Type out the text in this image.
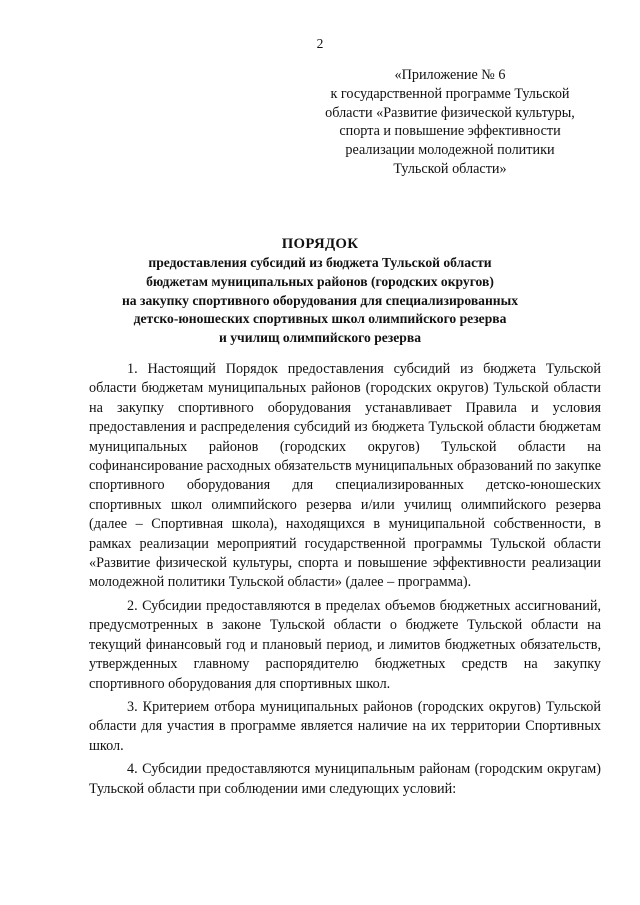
2
«Приложение № 6
к государственной программе Тульской
области «Развитие физической культуры,
спорта и повышение эффективности
реализации молодежной политики
Тульской области»
ПОРЯДОК
предоставления субсидий из бюджета Тульской области
бюджетам муниципальных районов (городских округов)
на закупку спортивного оборудования для специализированных
детско-юношеских спортивных школ олимпийского резерва
и училищ олимпийского резерва

1. Настоящий Порядок предоставления субсидий из бюджета Тульской области бюджетам муниципальных районов (городских округов) Тульской области на закупку спортивного оборудования устанавливает Правила и условия предоставления и распределения субсидий из бюджета Тульской области бюджетам муниципальных районов (городских округов) Тульской области на софинансирование расходных обязательств муниципальных образований по закупке спортивного оборудования для специализированных детско-юношеских спортивных школ олимпийского резерва и/или училищ олимпийского резерва (далее – Спортивная школа), находящихся в муниципальной собственности, в рамках реализации мероприятий государственной программы Тульской области «Развитие физической культуры, спорта и повышение эффективности реализации молодежной политики Тульской области» (далее – программа).

2. Субсидии предоставляются в пределах объемов бюджетных ассигнований, предусмотренных в законе Тульской области о бюджете Тульской области на текущий финансовый год и плановый период, и лимитов бюджетных обязательств, утвержденных главному распорядителю бюджетных средств на закупку спортивного оборудования для спортивных школ.

3. Критерием отбора муниципальных районов (городских округов) Тульской области для участия в программе является наличие на их территории Спортивных школ.

4. Субсидии предоставляются муниципальным районам (городским округам) Тульской области при соблюдении ими следующих условий:
